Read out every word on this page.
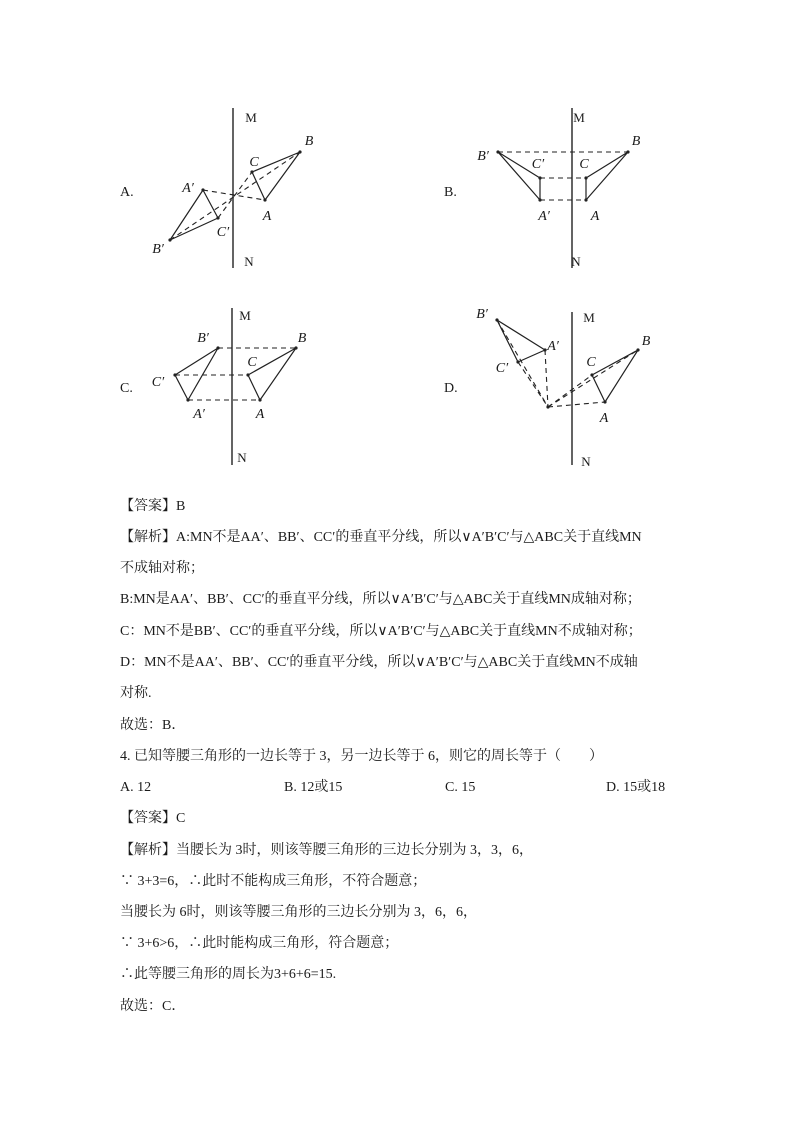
A.
M
N
A′
C′
B′
C
B
A
B.
M
N
B′
C′
A′
C
A
B
C.
M
N
B′
C′
A′
C
A
B
D.
M
N
B′
A′
C′	C
B
A
【答案】B
【解析】A:MN不是AA′、BB′、CC′的垂直平分线，所以∨A′B′C′与△ABC关于直线MN
不成轴对称；
B:MN是AA′、BB′、CC′的垂直平分线，所以∨A′B′C′与△ABC关于直线MN成轴对称；
C：MN不是BB′、CC′的垂直平分线，所以∨A′B′C′与△ABC关于直线MN不成轴对称；
D：MN不是AA′、BB′、CC′的垂直平分线，所以∨A′B′C′与△ABC关于直线MN不成轴
对称.
故选：B．
4. 已知等腰三角形的一边长等于 3，另一边长等于 6，则它的周长等于（　　）
A. 12	B. 12或15	C. 15	D. 15或18
【答案】C
【解析】当腰长为 3时，则该等腰三角形的三边长分别为 3，3，6，
∵ 3+3=6，∴此时不能构成三角形，不符合题意；
当腰长为 6时，则该等腰三角形的三边长分别为 3，6，6，
∵ 3+6>6，∴此时能构成三角形，符合题意；
∴此等腰三角形的周长为3+6+6=15.
故选：C．
